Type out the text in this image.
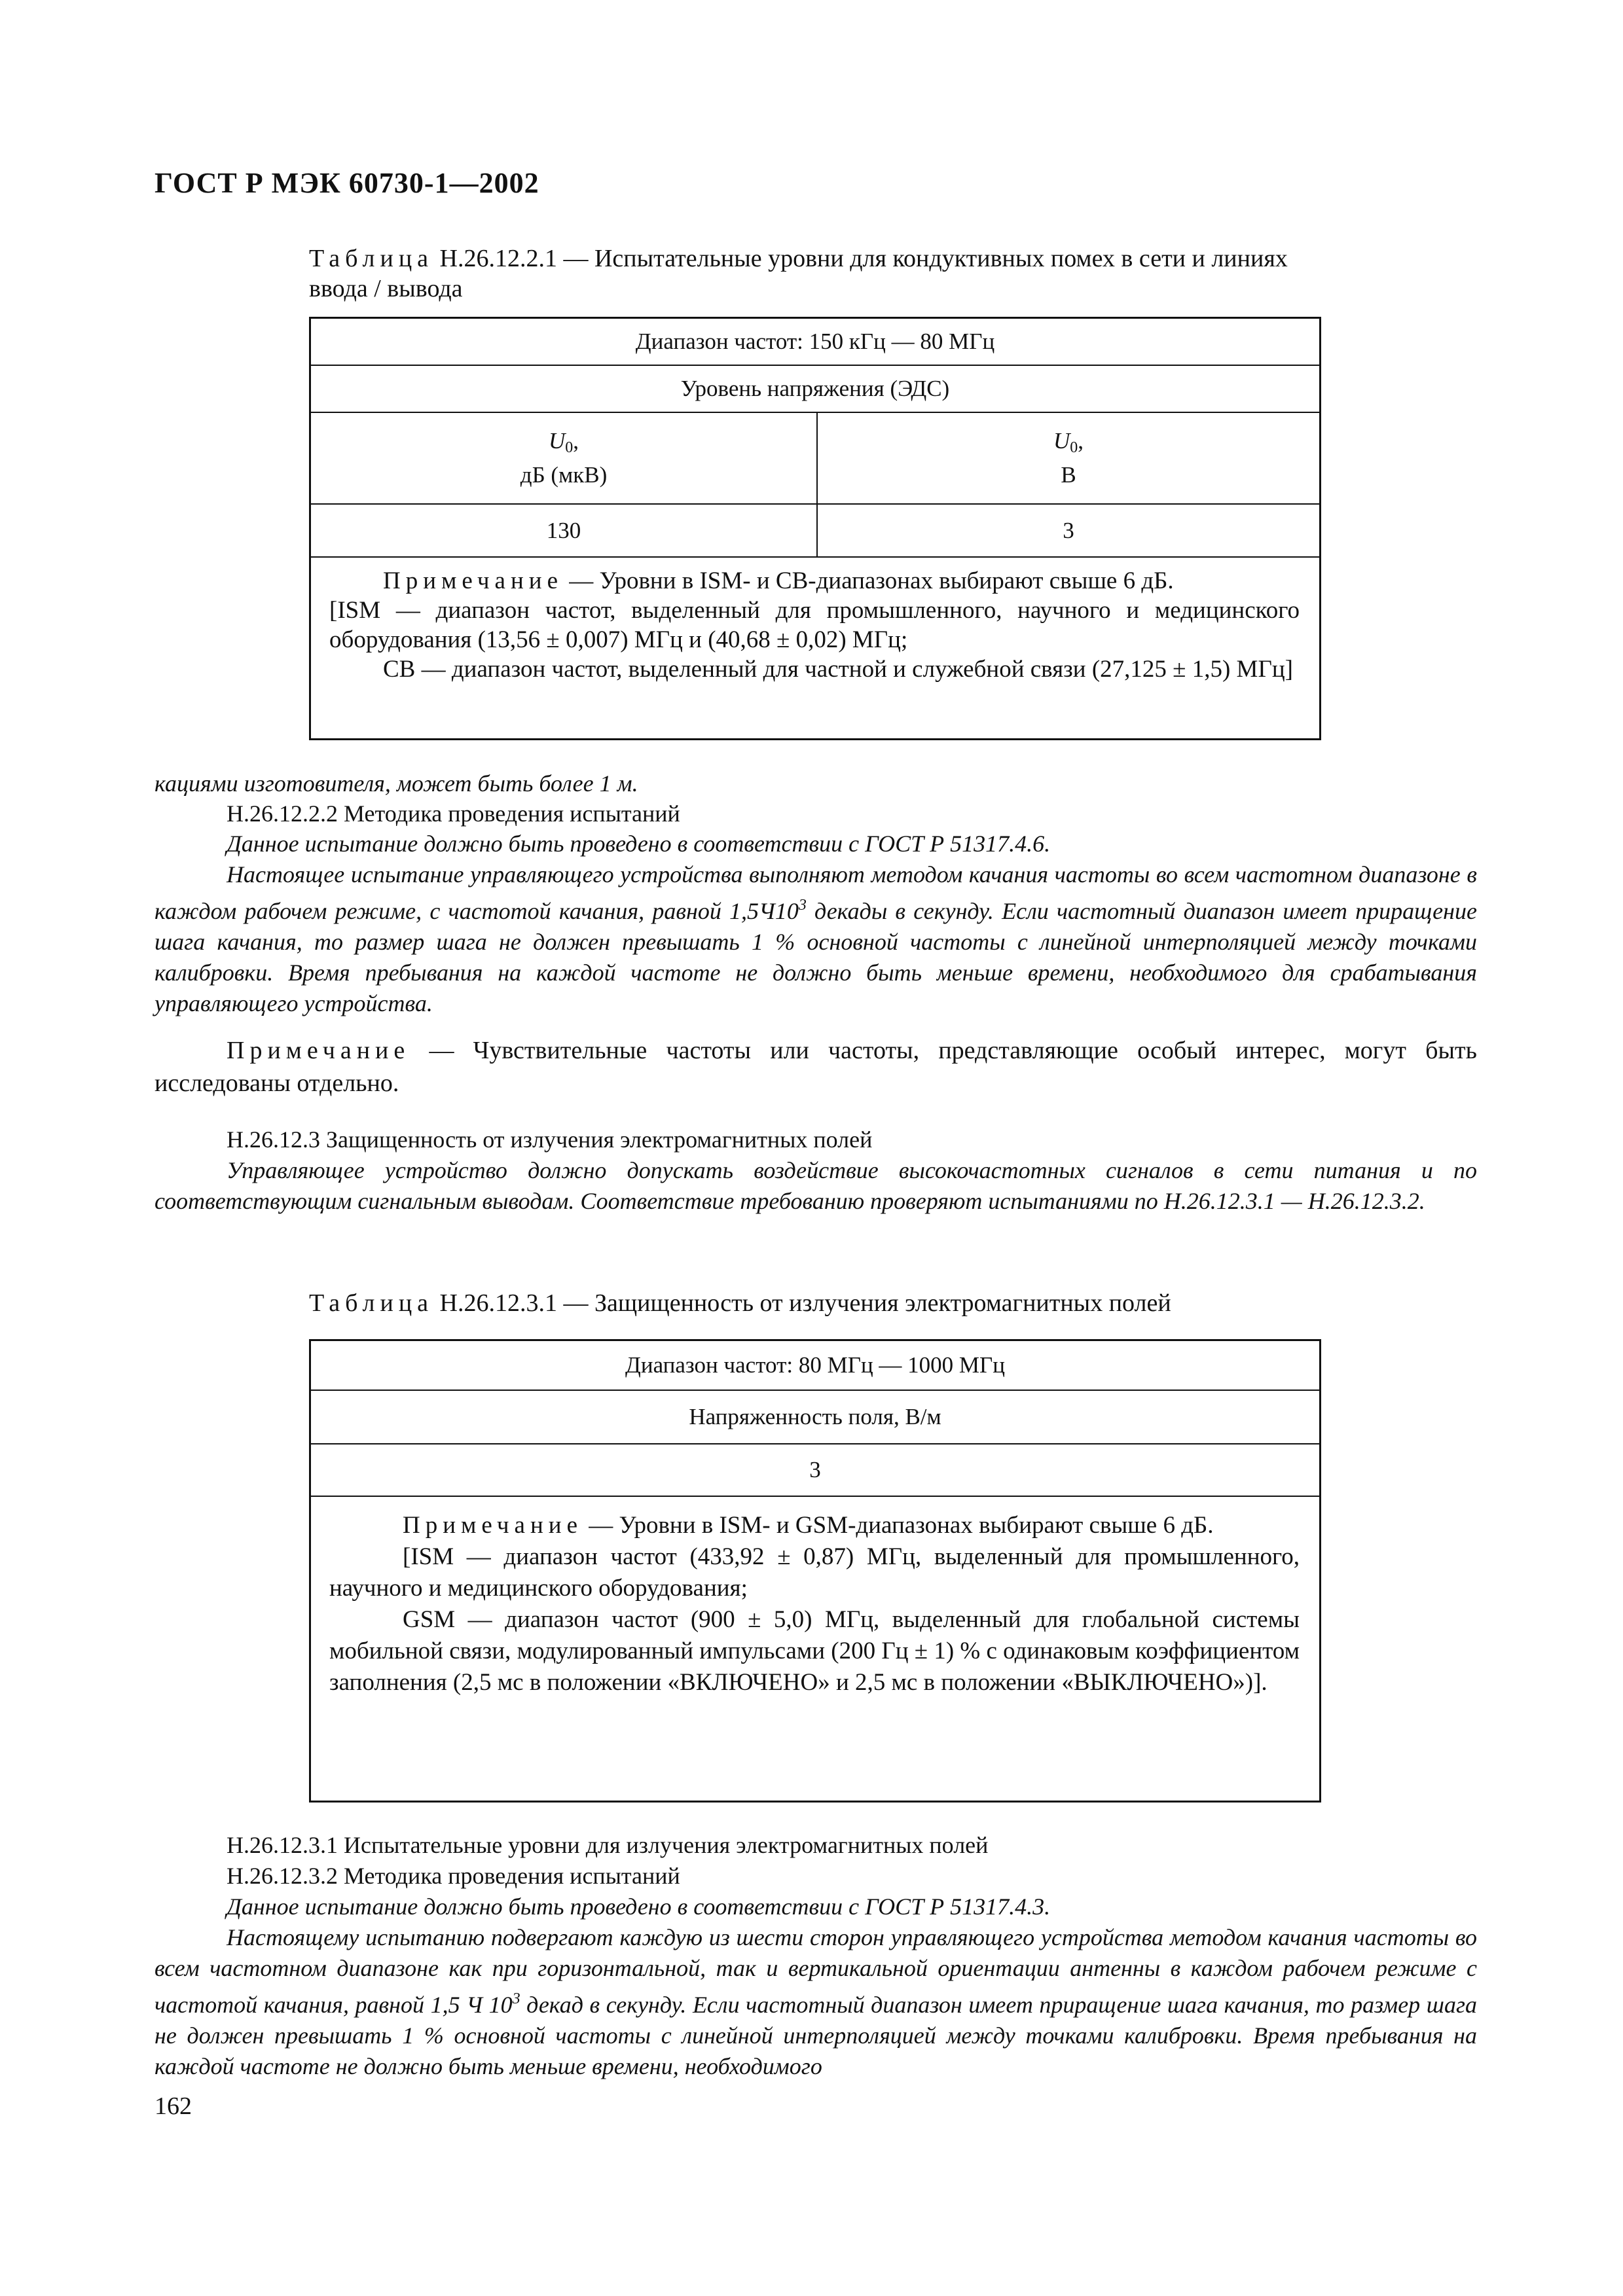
ГОСТ Р МЭК 60730-1—2002
Таблица Н.26.12.2.1 — Испытательные уровни для кондуктивных помех в сети и линиях ввода / вывода
Диапазон частот: 150 кГц — 80 МГц
Уровень напряжения (ЭДС)
$U_0$,
дБ (мкВ)
$U_0$,
В
130	3
Примечание — Уровни в ISM- и CB-диапазонах выбирают свыше 6 дБ.
[ISM — диапазон частот, выделенный для промышленного, научного и медицинского оборудования (13,56 ± 0,007) МГц и (40,68 ± 0,02) МГц;
CB — диапазон частот, выделенный для частной и служебной связи (27,125 ± 1,5) МГц]
кациями изготовителя, может быть более 1 м.
Н.26.12.2.2 Методика проведения испытаний
Данное испытание должно быть проведено в соответствии с ГОСТ Р 51317.4.6.
Настоящее испытание управляющего устройства выполняют методом качания частоты во всем частотном диапазоне в каждом рабочем режиме, с частотой качания, равной $1,5Ч10^3$ декады в секунду. Если частотный диапазон имеет приращение шага качания, то размер шага не должен превышать 1 % основной частоты с линейной интерполяцией между точками калибровки. Время пребывания на каждой частоте не должно быть меньше времени, необходимого для срабатывания управляющего устройства.
Примечание — Чувствительные частоты или частоты, представляющие особый интерес, могут быть исследованы отдельно.
Н.26.12.3 Защищенность от излучения электромагнитных полей
Управляющее устройство должно допускать воздействие высокочастотных сигналов в сети питания и по соответствующим сигнальным выводам. Соответствие требованию проверяют испытаниями по Н.26.12.3.1 — Н.26.12.3.2.
Таблица Н.26.12.3.1 — Защищенность от излучения электромагнитных полей
Диапазон частот: 80 МГц — 1000 МГц
Напряженность поля, В/м
3
Примечание — Уровни в ISM- и GSM-диапазонах выбирают свыше 6 дБ.
[ISM — диапазон частот (433,92 ± 0,87) МГц, выделенный для промышленного, научного и медицинского оборудования;
GSM — диапазон частот (900 ± 5,0) МГц, выделенный для глобальной системы мобильной связи, модулированный импульсами (200 Гц ± 1) % с одинаковым коэффициентом заполнения (2,5 мс в положении «ВКЛЮЧЕНО» и 2,5 мс в положении «ВЫКЛЮЧЕНО»)].
Н.26.12.3.1 Испытательные уровни для излучения электромагнитных полей
Н.26.12.3.2 Методика проведения испытаний
Данное испытание должно быть проведено в соответствии с ГОСТ Р 51317.4.3.
Настоящему испытанию подвергают каждую из шести сторон управляющего устройства методом качания частоты во всем частотном диапазоне как при горизонтальной, так и вертикальной ориентации антенны в каждом рабочем режиме с частотой качания, равной 1,5 Ч $10^3$ декад в секунду. Если частотный диапазон имеет приращение шага качания, то размер шага не должен превышать 1 % основной частоты с линейной интерполяцией между точками калибровки. Время пребывания на каждой частоте не должно быть меньше времени, необходимого
162
